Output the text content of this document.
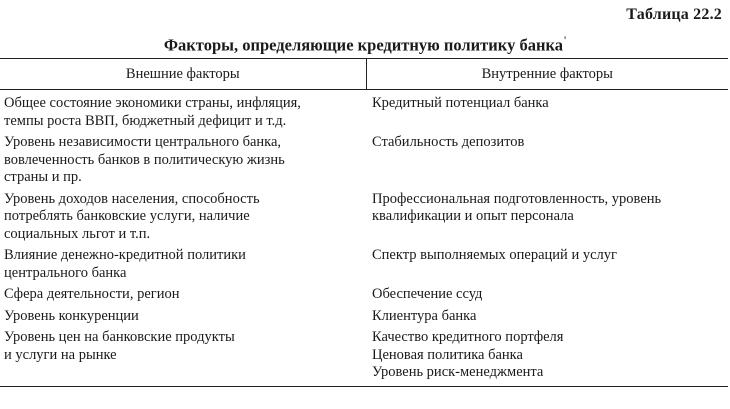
Таблица 22.2
Факторы, определяющие кредитную политику банка'
Внешние факторы	Внутренние факторы

Общее состояние экономики страны, инфляция,
темпы роста ВВП, бюджетный дефицит и т.д.	Кредитный потенциал банка

Уровень независимости центрального банка,
вовлеченность банков в политическую жизнь
страны и пр.	Стабильность депозитов

Уровень доходов населения, способность
потреблять банковские услуги, наличие
социальных льгот и т.п.	Профессиональная подготовленность, уровень
квалификации и опыт персонала

Влияние денежно-кредитной политики
центрального банка	Спектр выполняемых операций и услуг

Сфера деятельности, регион	Обеспечение ссуд

Уровень конкуренции	Клиентура банка

Уровень цен на банковские продукты
и услуги на рынке	Качество кредитного портфеля
Ценовая политика банка
Уровень риск-менеджмента
